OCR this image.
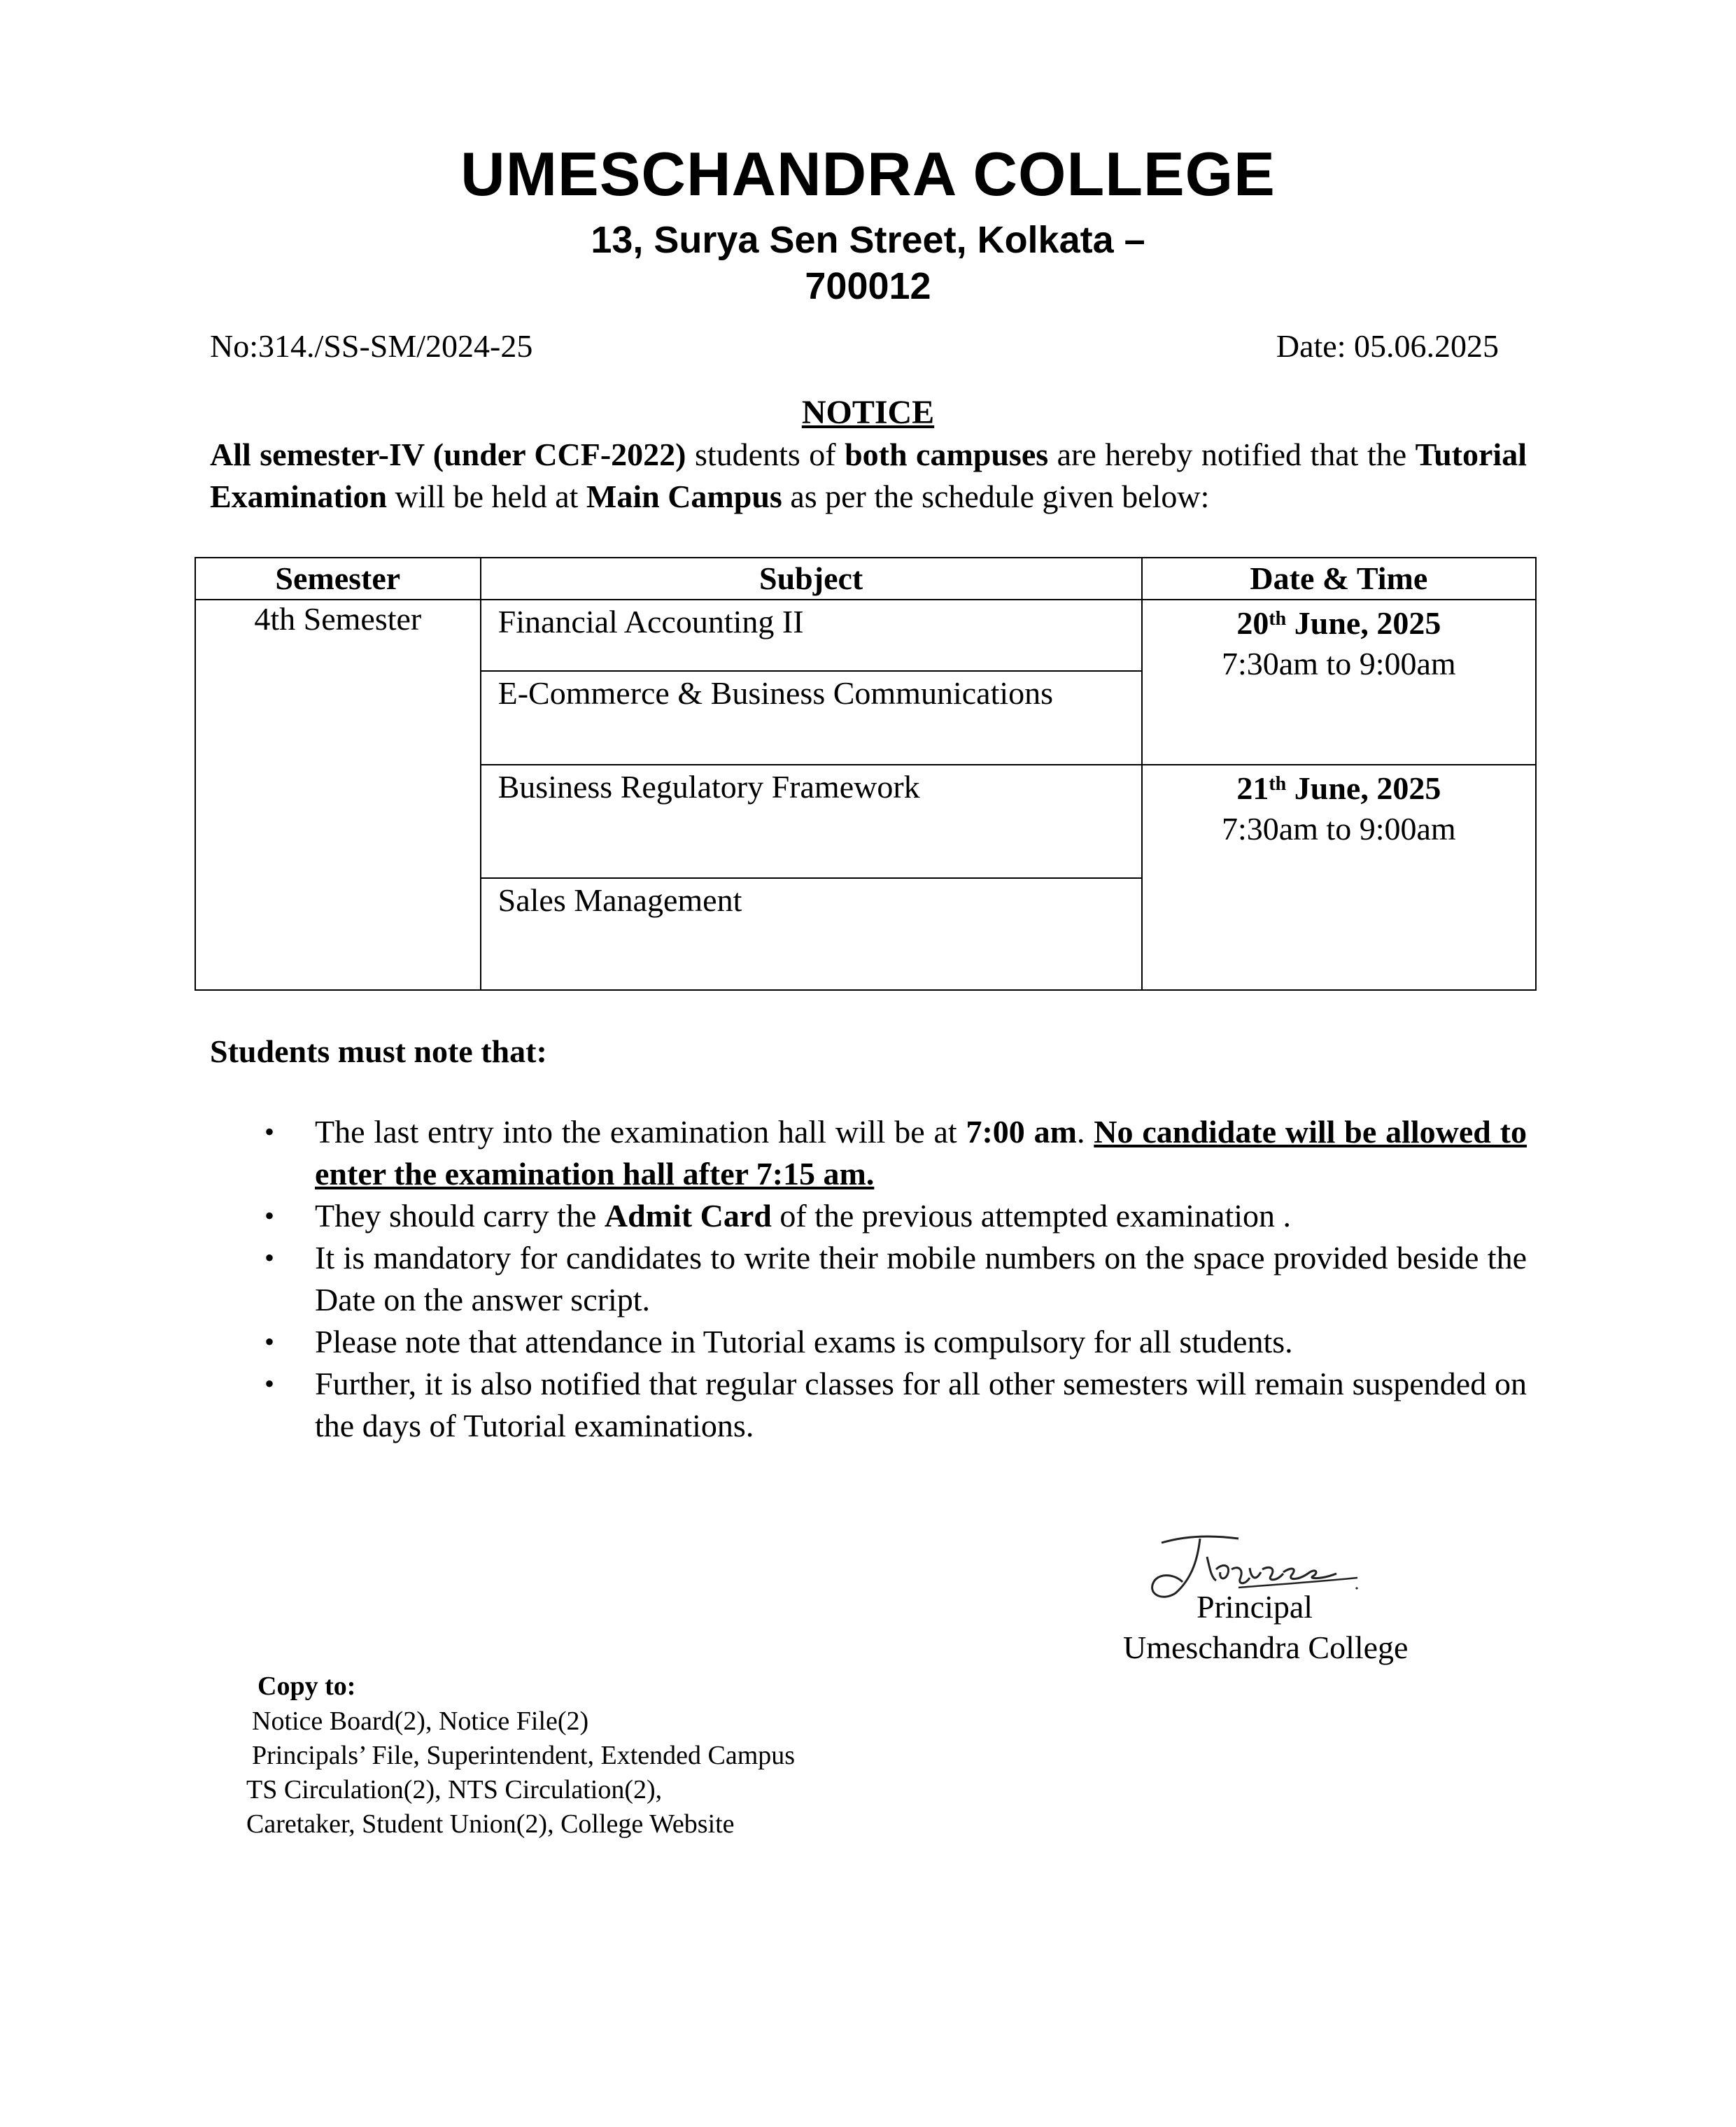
UMESCHANDRA COLLEGE
13, Surya Sen Street, Kolkata –
700012
No:314./SS-SM/2024-25	Date: 05.06.2025
NOTICE
All semester-IV (under CCF-2022) students of both campuses are hereby notified that the Tutorial Examination will be held at Main Campus as per the schedule given below:
Semester	Subject	Date & Time
4th Semester	Financial Accounting II	20th June, 2025
7:30am to 9:00am

	E-Commerce & Business Communications	
	Business Regulatory Framework	21th June, 2025
7:30am to 9:00am

	Sales Management	
Students must note that:
• The last entry into the examination hall will be at 7:00 am. No candidate will be allowed to enter the examination hall after 7:15 am.
• They should carry the Admit Card of the previous attempted examination .
• It is mandatory for candidates to write their mobile numbers on the space provided beside the Date on the answer script.
• Please note that attendance in Tutorial exams is compulsory for all students.
• Further, it is also notified that regular classes for all other semesters will remain suspended on the days of Tutorial examinations.
Principal
Umeschandra College
Copy to:
Notice Board(2), Notice File(2)
Principals’ File, Superintendent, Extended Campus
TS Circulation(2), NTS Circulation(2),
Caretaker, Student Union(2), College Website
